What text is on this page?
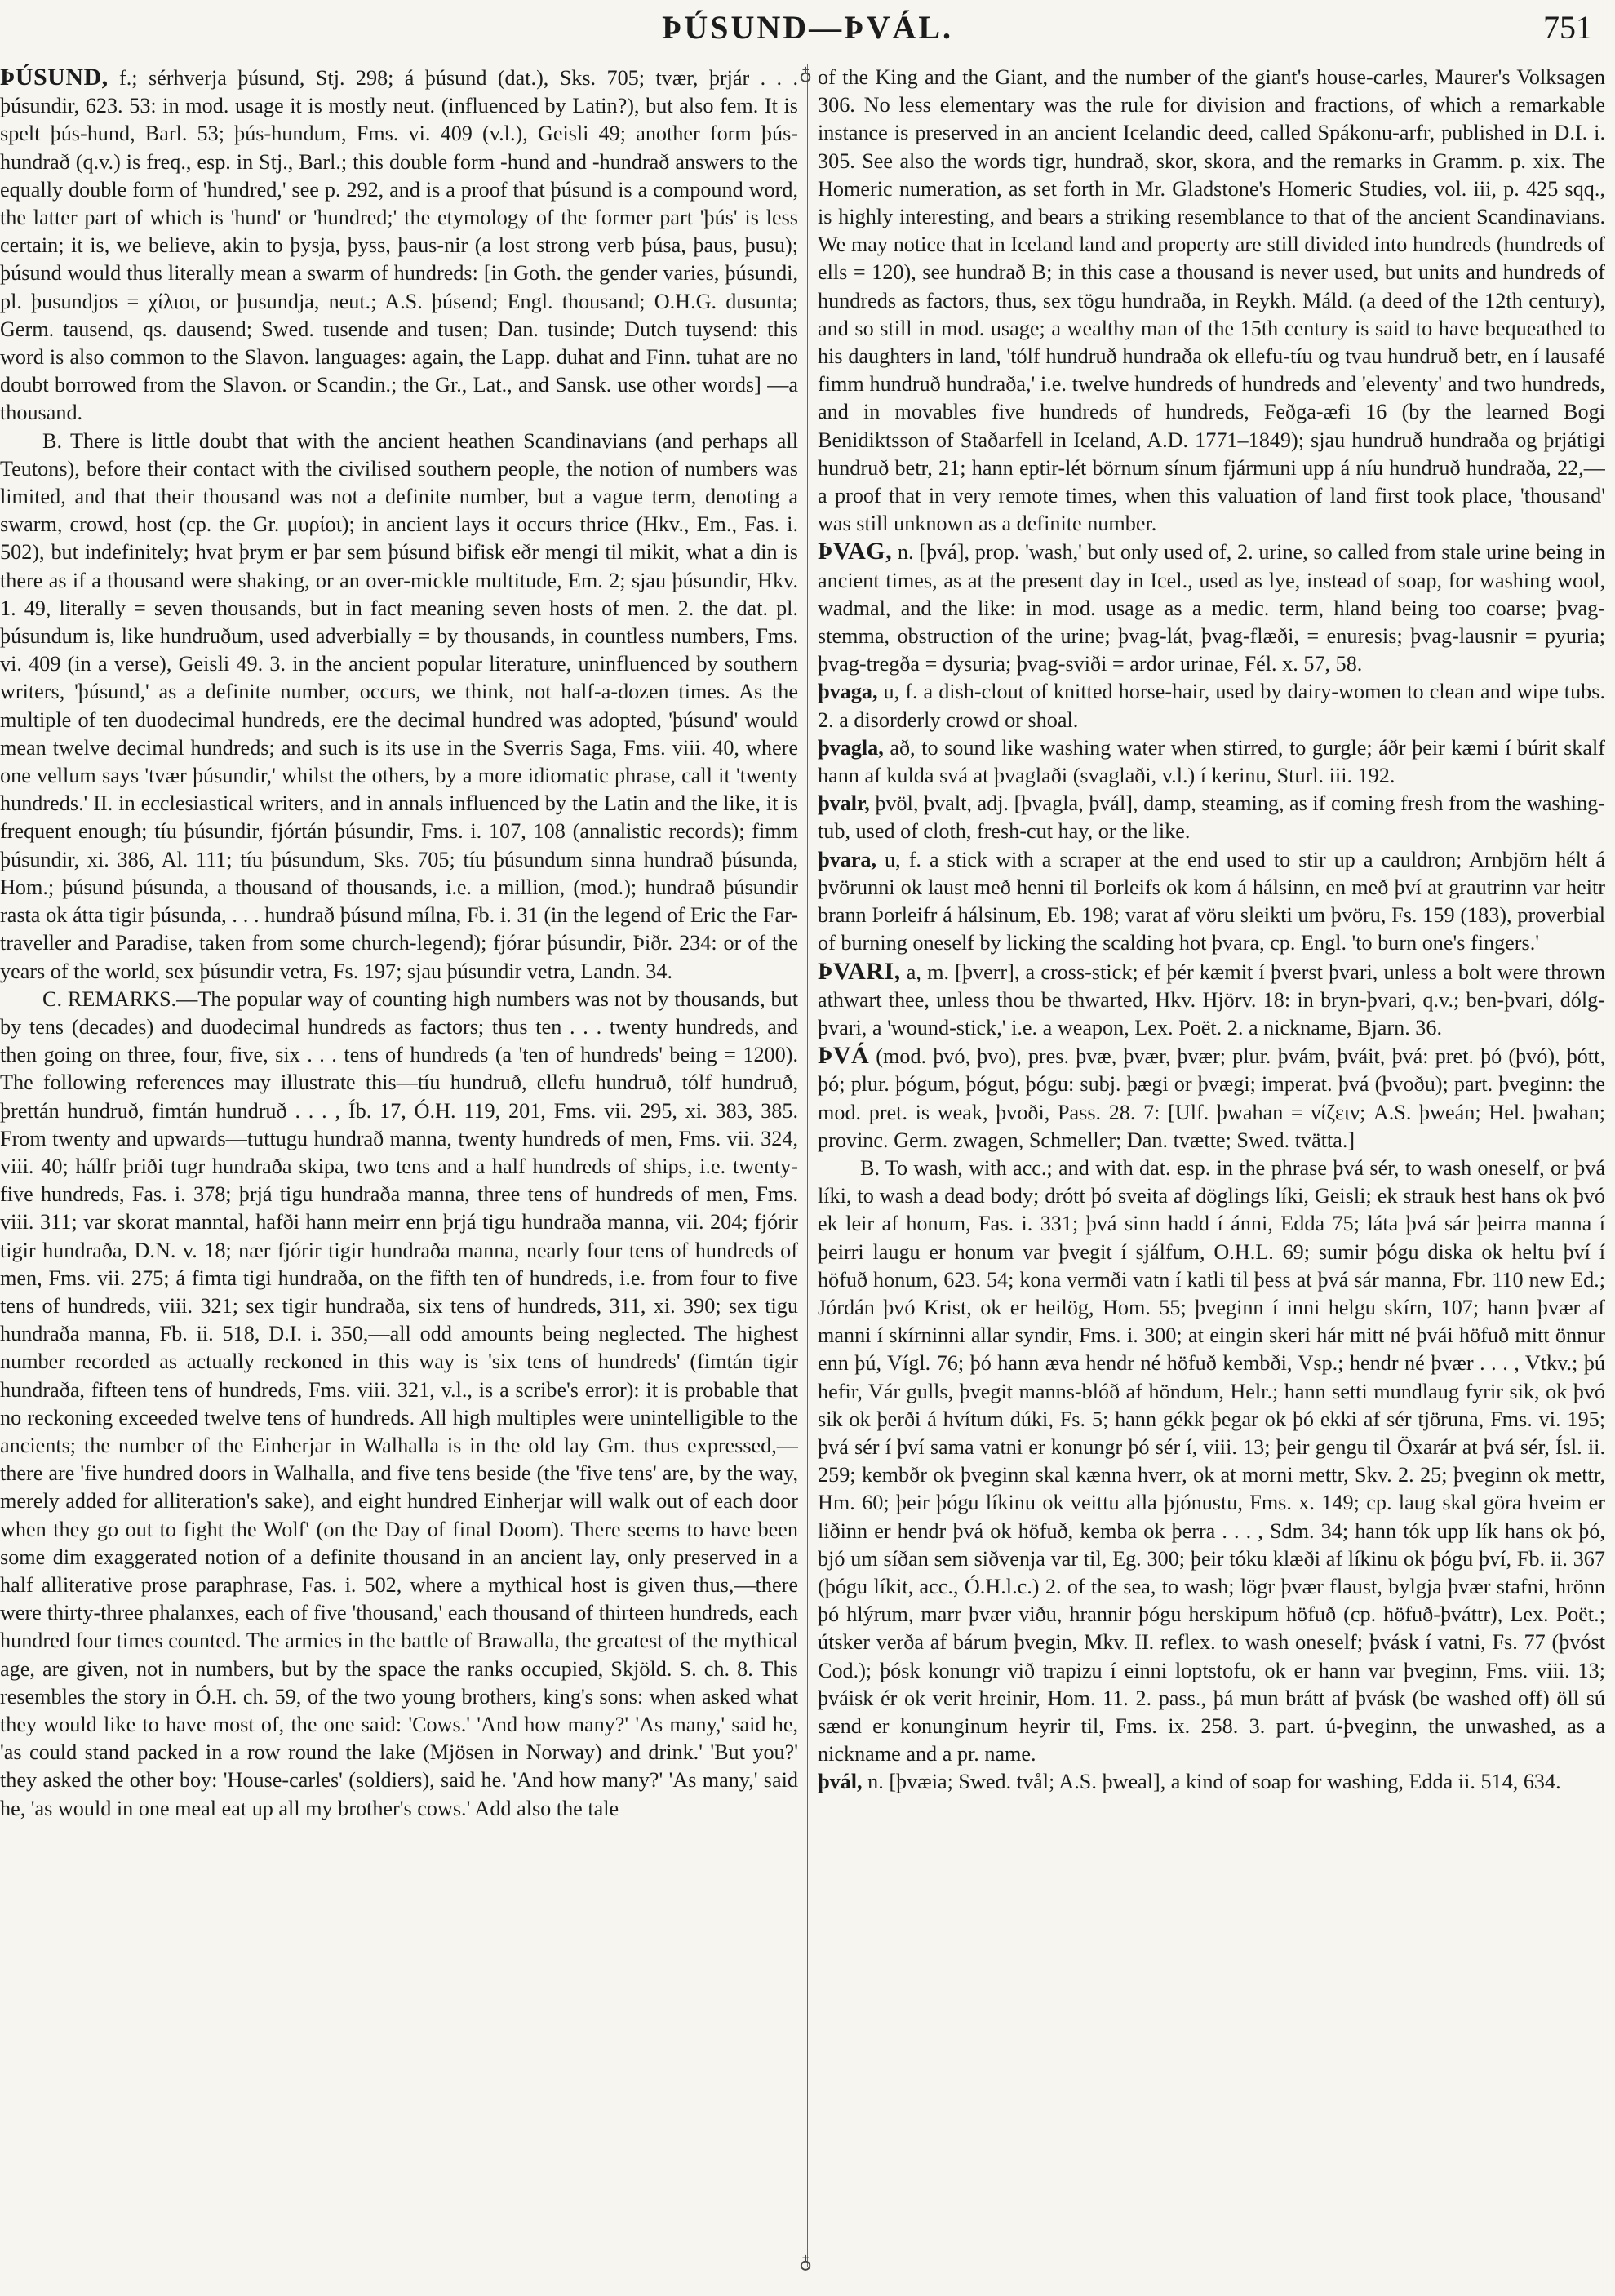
ÞÚSUND—ÞVÁL.	751

ÞÚSUND, f.; sérhverja þúsund, Stj. 298; á þúsund (dat.), Sks. 705; tvær, þrjár . . . þúsundir, 623. 53: in mod. usage it is mostly neut. (influenced by Latin?), but also fem. It is spelt þús-hund, Barl. 53; þús-hundum, Fms. vi. 409 (v.l.), Geisli 49; another form þús-hundrað (q.v.) is freq., esp. in Stj., Barl.; this double form -hund and -hundrað answers to the equally double form of 'hundred,' see p. 292, and is a proof that þúsund is a compound word, the latter part of which is 'hund' or 'hundred;' the etymology of the former part 'þús' is less certain; it is, we believe, akin to þysja, þyss, þaus-nir (a lost strong verb þúsa, þaus, þusu); þúsund would thus literally mean a swarm of hundreds: [in Goth. the gender varies, þúsundi, pl. þusundjos = χίλιοι, or þusundja, neut.; A.S. þúsend; Engl. thousand; O.H.G. dusunta; Germ. tausend, qs. dausend; Swed. tusende and tusen; Dan. tusinde; Dutch tuysend: this word is also common to the Slavon. languages: again, the Lapp. duhat and Finn. tuhat are no doubt borrowed from the Slavon. or Scandin.; the Gr., Lat., and Sansk. use other words] —a thousand.

B. There is little doubt that with the ancient heathen Scandinavians (and perhaps all Teutons), before their contact with the civilised southern people, the notion of numbers was limited, and that their thousand was not a definite number, but a vague term, denoting a swarm, crowd, host (cp. the Gr. μυρίοι); in ancient lays it occurs thrice (Hkv., Em., Fas. i. 502), but indefinitely; hvat þrym er þar sem þúsund bifisk eðr mengi til mikit, what a din is there as if a thousand were shaking, or an over-mickle multitude, Em. 2; sjau þúsundir, Hkv. 1. 49, literally = seven thousands, but in fact meaning seven hosts of men. 2. the dat. pl. þúsundum is, like hundruðum, used adverbially = by thousands, in countless numbers, Fms. vi. 409 (in a verse), Geisli 49. 3. in the ancient popular literature, uninfluenced by southern writers, 'þúsund,' as a definite number, occurs, we think, not half-a-dozen times. As the multiple of ten duodecimal hundreds, ere the decimal hundred was adopted, 'þúsund' would mean twelve decimal hundreds; and such is its use in the Sverris Saga, Fms. viii. 40, where one vellum says 'tvær þúsundir,' whilst the others, by a more idiomatic phrase, call it 'twenty hundreds.' II. in ecclesiastical writers, and in annals influenced by the Latin and the like, it is frequent enough; tíu þúsundir, fjórtán þúsundir, Fms. i. 107, 108 (annalistic records); fimm þúsundir, xi. 386, Al. 111; tíu þúsundum, Sks. 705; tíu þúsundum sinna hundrað þúsunda, Hom.; þúsund þúsunda, a thousand of thousands, i.e. a million, (mod.); hundrað þúsundir rasta ok átta tigir þúsunda, . . . hundrað þúsund mílna, Fb. i. 31 (in the legend of Eric the Far-traveller and Paradise, taken from some church-legend); fjórar þúsundir, Þiðr. 234: or of the years of the world, sex þúsundir vetra, Fs. 197; sjau þúsundir vetra, Landn. 34.

C. REMARKS.—The popular way of counting high numbers was not by thousands, but by tens (decades) and duodecimal hundreds as factors; thus ten . . . twenty hundreds, and then going on three, four, five, six . . . tens of hundreds (a 'ten of hundreds' being = 1200). The following references may illustrate this—tíu hundruð, ellefu hundruð, tólf hundruð, þrettán hundruð, fimtán hundruð . . . , Íb. 17, Ó.H. 119, 201, Fms. vii. 295, xi. 383, 385. From twenty and upwards—tuttugu hundrað manna, twenty hundreds of men, Fms. vii. 324, viii. 40; hálfr þriði tugr hundraða skipa, two tens and a half hundreds of ships, i.e. twenty-five hundreds, Fas. i. 378; þrjá tigu hundraða manna, three tens of hundreds of men, Fms. viii. 311; var skorat manntal, hafði hann meirr enn þrjá tigu hundraða manna, vii. 204; fjórir tigir hundraða, D.N. v. 18; nær fjórir tigir hundraða manna, nearly four tens of hundreds of men, Fms. vii. 275; á fimta tigi hundraða, on the fifth ten of hundreds, i.e. from four to five tens of hundreds, viii. 321; sex tigir hundraða, six tens of hundreds, 311, xi. 390; sex tigu hundraða manna, Fb. ii. 518, D.I. i. 350,—all odd amounts being neglected. The highest number recorded as actually reckoned in this way is 'six tens of hundreds' (fimtán tigir hundraða, fifteen tens of hundreds, Fms. viii. 321, v.l., is a scribe's error): it is probable that no reckoning exceeded twelve tens of hundreds. All high multiples were unintelligible to the ancients; the number of the Einherjar in Walhalla is in the old lay Gm. thus expressed,—there are 'five hundred doors in Walhalla, and five tens beside (the 'five tens' are, by the way, merely added for alliteration's sake), and eight hundred Einherjar will walk out of each door when they go out to fight the Wolf' (on the Day of final Doom). There seems to have been some dim exaggerated notion of a definite thousand in an ancient lay, only preserved in a half alliterative prose paraphrase, Fas. i. 502, where a mythical host is given thus,—there were thirty-three phalanxes, each of five 'thousand,' each thousand of thirteen hundreds, each hundred four times counted. The armies in the battle of Brawalla, the greatest of the mythical age, are given, not in numbers, but by the space the ranks occupied, Skjöld. S. ch. 8. This resembles the story in Ó.H. ch. 59, of the two young brothers, king's sons: when asked what they would like to have most of, the one said: 'Cows.' 'And how many?' 'As many,' said he, 'as could stand packed in a row round the lake (Mjösen in Norway) and drink.' 'But you?' they asked the other boy: 'House-carles' (soldiers), said he. 'And how many?' 'As many,' said he, 'as would in one meal eat up all my brother's cows.' Add also the tale

♁
♁

of the King and the Giant, and the number of the giant's house-carles, Maurer's Volksagen 306. No less elementary was the rule for division and fractions, of which a remarkable instance is preserved in an ancient Icelandic deed, called Spákonu-arfr, published in D.I. i. 305. See also the words tigr, hundrað, skor, skora, and the remarks in Gramm. p. xix. The Homeric numeration, as set forth in Mr. Gladstone's Homeric Studies, vol. iii, p. 425 sqq., is highly interesting, and bears a striking resemblance to that of the ancient Scandinavians. We may notice that in Iceland land and property are still divided into hundreds (hundreds of ells = 120), see hundrað B; in this case a thousand is never used, but units and hundreds of hundreds as factors, thus, sex tögu hundraða, in Reykh. Máld. (a deed of the 12th century), and so still in mod. usage; a wealthy man of the 15th century is said to have bequeathed to his daughters in land, 'tólf hundruð hundraða ok ellefu-tíu og tvau hundruð betr, en í lausafé fimm hundruð hundraða,' i.e. twelve hundreds of hundreds and 'eleventy' and two hundreds, and in movables five hundreds of hundreds, Feðga-æfi 16 (by the learned Bogi Benidiktsson of Staðarfell in Iceland, A.D. 1771–1849); sjau hundruð hundraða og þrjátigi hundruð betr, 21; hann eptir-lét börnum sínum fjármuni upp á níu hundruð hundraða, 22,—a proof that in very remote times, when this valuation of land first took place, 'thousand' was still unknown as a definite number.

ÞVAG, n. [þvá], prop. 'wash,' but only used of, 2. urine, so called from stale urine being in ancient times, as at the present day in Icel., used as lye, instead of soap, for washing wool, wadmal, and the like: in mod. usage as a medic. term, hland being too coarse; þvag-stemma, obstruction of the urine; þvag-lát, þvag-flæði, = enuresis; þvag-lausnir = pyuria; þvag-tregða = dysuria; þvag-sviði = ardor urinae, Fél. x. 57, 58.

þvaga, u, f. a dish-clout of knitted horse-hair, used by dairy-women to clean and wipe tubs. 2. a disorderly crowd or shoal.

þvagla, að, to sound like washing water when stirred, to gurgle; áðr þeir kæmi í búrit skalf hann af kulda svá at þvaglaði (svaglaði, v.l.) í kerinu, Sturl. iii. 192.

þvalr, þvöl, þvalt, adj. [þvagla, þvál], damp, steaming, as if coming fresh from the washing-tub, used of cloth, fresh-cut hay, or the like.

þvara, u, f. a stick with a scraper at the end used to stir up a cauldron; Arnbjörn hélt á þvörunni ok laust með henni til Þorleifs ok kom á hálsinn, en með því at grautrinn var heitr brann Þorleifr á hálsinum, Eb. 198; varat af vöru sleikti um þvöru, Fs. 159 (183), proverbial of burning oneself by licking the scalding hot þvara, cp. Engl. 'to burn one's fingers.'

ÞVARI, a, m. [þverr], a cross-stick; ef þér kæmit í þverst þvari, unless a bolt were thrown athwart thee, unless thou be thwarted, Hkv. Hjörv. 18: in bryn-þvari, q.v.; ben-þvari, dólg-þvari, a 'wound-stick,' i.e. a weapon, Lex. Poët. 2. a nickname, Bjarn. 36.

ÞVÁ (mod. þvó, þvo), pres. þvæ, þvær, þvær; plur. þvám, þváit, þvá: pret. þó (þvó), þótt, þó; plur. þógum, þógut, þógu: subj. þægi or þvægi; imperat. þvá (þvoðu); part. þveginn: the mod. pret. is weak, þvoði, Pass. 28. 7: [Ulf. þwahan = νίζειν; A.S. þweán; Hel. þwahan; provinc. Germ. zwagen, Schmeller; Dan. tvætte; Swed. tvätta.]

B. To wash, with acc.; and with dat. esp. in the phrase þvá sér, to wash oneself, or þvá líki, to wash a dead body; drótt þó sveita af döglings líki, Geisli; ek strauk hest hans ok þvó ek leir af honum, Fas. i. 331; þvá sinn hadd í ánni, Edda 75; láta þvá sár þeirra manna í þeirri laugu er honum var þvegit í sjálfum, O.H.L. 69; sumir þógu diska ok heltu því í höfuð honum, 623. 54; kona vermði vatn í katli til þess at þvá sár manna, Fbr. 110 new Ed.; Jórdán þvó Krist, ok er heilög, Hom. 55; þveginn í inni helgu skírn, 107; hann þvær af manni í skírninni allar syndir, Fms. i. 300; at eingin skeri hár mitt né þvái höfuð mitt önnur enn þú, Vígl. 76; þó hann æva hendr né höfuð kembði, Vsp.; hendr né þvær . . . , Vtkv.; þú hefir, Vár gulls, þvegit manns-blóð af höndum, Helr.; hann setti mundlaug fyrir sik, ok þvó sik ok þerði á hvítum dúki, Fs. 5; hann gékk þegar ok þó ekki af sér tjöruna, Fms. vi. 195; þvá sér í því sama vatni er konungr þó sér í, viii. 13; þeir gengu til Öxarár at þvá sér, Ísl. ii. 259; kembðr ok þveginn skal kænna hverr, ok at morni mettr, Skv. 2. 25; þveginn ok mettr, Hm. 60; þeir þógu líkinu ok veittu alla þjónustu, Fms. x. 149; cp. laug skal göra hveim er liðinn er hendr þvá ok höfuð, kemba ok þerra . . . , Sdm. 34; hann tók upp lík hans ok þó, bjó um síðan sem siðvenja var til, Eg. 300; þeir tóku klæði af líkinu ok þógu því, Fb. ii. 367 (þógu líkit, acc., Ó.H.l.c.) 2. of the sea, to wash; lögr þvær flaust, bylgja þvær stafni, hrönn þó hlýrum, marr þvær viðu, hrannir þógu herskipum höfuð (cp. höfuð-þváttr), Lex. Poët.; útsker verða af bárum þvegin, Mkv. II. reflex. to wash oneself; þvásk í vatni, Fs. 77 (þvóst Cod.); þósk konungr við trapizu í einni loptstofu, ok er hann var þveginn, Fms. viii. 13; þváisk ér ok verit hreinir, Hom. 11. 2. pass., þá mun brátt af þvásk (be washed off) öll sú sænd er konunginum heyrir til, Fms. ix. 258. 3. part. ú-þveginn, the unwashed, as a nickname and a pr. name.

þvál, n. [þvæia; Swed. tvål; A.S. þweal], a kind of soap for washing, Edda ii. 514, 634.
